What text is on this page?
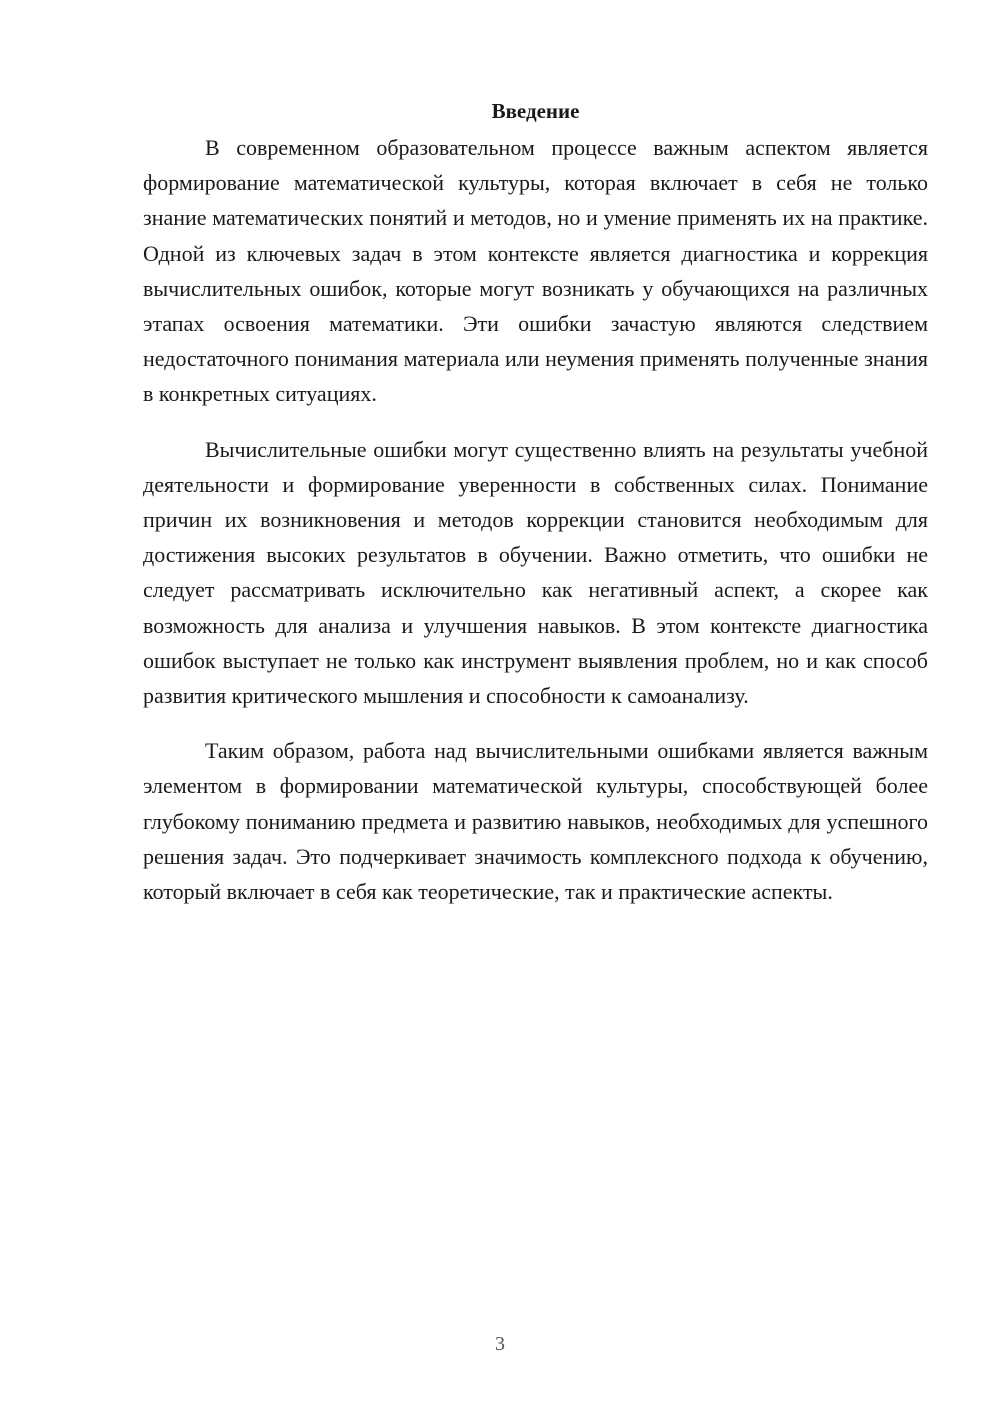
Введение

В современном образовательном процессе важным аспектом является формирование математической культуры, которая включает в себя не только знание математических понятий и методов, но и умение применять их на практике. Одной из ключевых задач в этом контексте является диагностика и коррекция вычислительных ошибок, которые могут возникать у обучающихся на различных этапах освоения математики. Эти ошибки зачастую являются следствием недостаточного понимания материала или неумения применять полученные знания в конкретных ситуациях.

Вычислительные ошибки могут существенно влиять на результаты учебной деятельности и формирование уверенности в собственных силах. Понимание причин их возникновения и методов коррекции становится необходимым для достижения высоких результатов в обучении. Важно отметить, что ошибки не следует рассматривать исключительно как негативный аспект, а скорее как возможность для анализа и улучшения навыков. В этом контексте диагностика ошибок выступает не только как инструмент выявления проблем, но и как способ развития критического мышления и способности к самоанализу.

Таким образом, работа над вычислительными ошибками является важным элементом в формировании математической культуры, способствующей более глубокому пониманию предмета и развитию навыков, необходимых для успешного решения задач. Это подчеркивает значимость комплексного подхода к обучению, который включает в себя как теоретические, так и практические аспекты.

3
